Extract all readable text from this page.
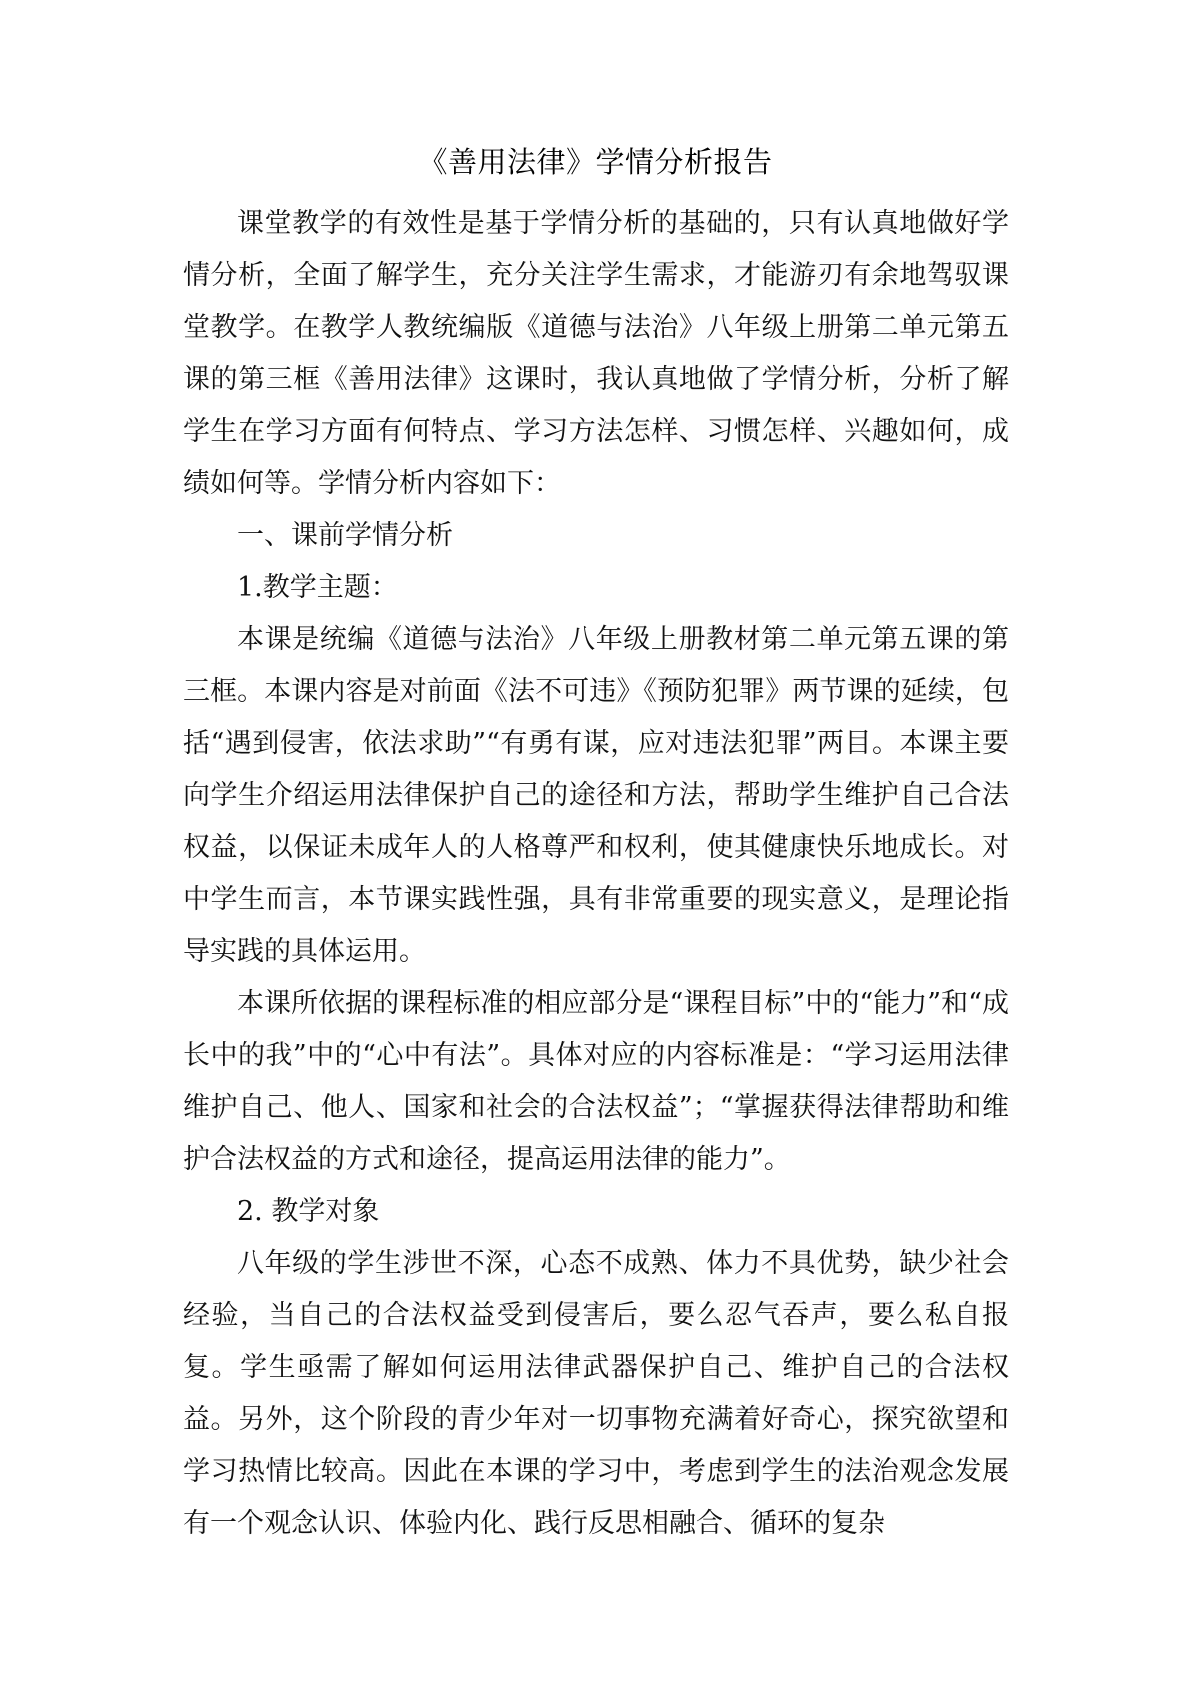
《善用法律》学情分析报告

课堂教学的有效性是基于学情分析的基础的，只有认真地做好学情分析，全面了解学生，充分关注学生需求，才能游刃有余地驾驭课堂教学。在教学人教统编版《道德与法治》八年级上册第二单元第五课的第三框《善用法律》这课时，我认真地做了学情分析，分析了解学生在学习方面有何特点、学习方法怎样、习惯怎样、兴趣如何，成绩如何等。学情分析内容如下：

一、课前学情分析

1.教学主题：

本课是统编《道德与法治》八年级上册教材第二单元第五课的第三框。本课内容是对前面《法不可违》《预防犯罪》两节课的延续，包括“遇到侵害，依法求助”“有勇有谋，应对违法犯罪”两目。本课主要向学生介绍运用法律保护自己的途径和方法，帮助学生维护自己合法权益，以保证未成年人的人格尊严和权利，使其健康快乐地成长。对中学生而言，本节课实践性强，具有非常重要的现实意义，是理论指导实践的具体运用。

本课所依据的课程标准的相应部分是“课程目标”中的“能力”和“成长中的我”中的“心中有法”。具体对应的内容标准是：“学习运用法律维护自己、他人、国家和社会的合法权益”；“掌握获得法律帮助和维护合法权益的方式和途径，提高运用法律的能力”。

2. 教学对象

八年级的学生涉世不深，心态不成熟、体力不具优势，缺少社会经验，当自己的合法权益受到侵害后，要么忍气吞声，要么私自报复。学生亟需了解如何运用法律武器保护自己、维护自己的合法权益。另外，这个阶段的青少年对一切事物充满着好奇心，探究欲望和学习热情比较高。因此在本课的学习中，考虑到学生的法治观念发展有一个观念认识、体验内化、践行反思相融合、循环的复杂
